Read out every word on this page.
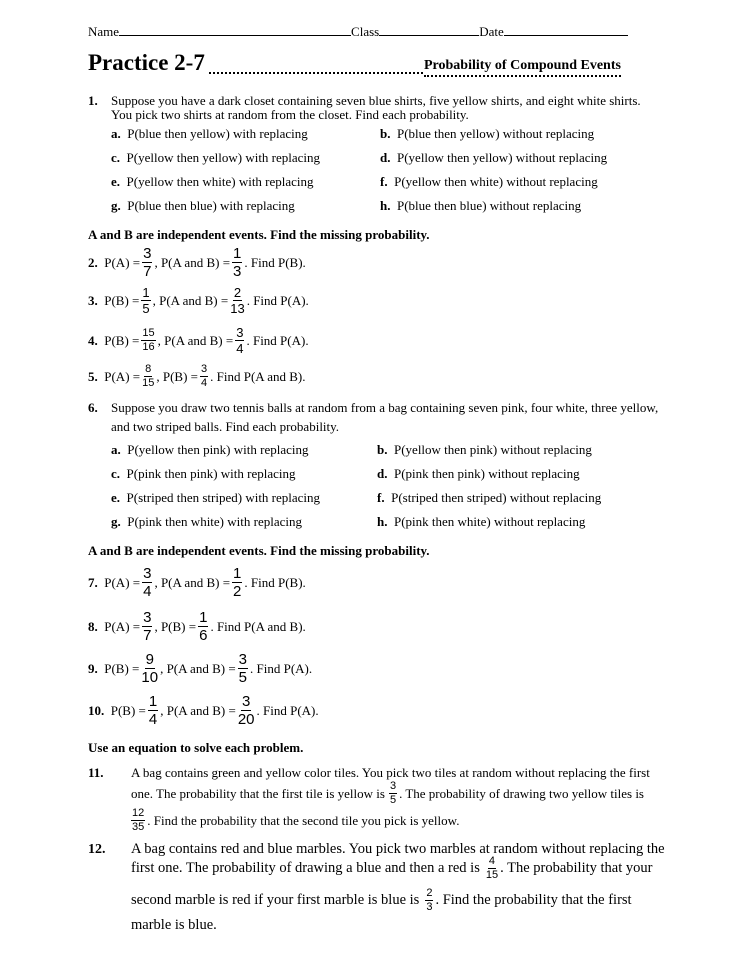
Name	Class	Date
Practice 2-7	Probability of Compound Events
1. Suppose you have a dark closet containing seven blue shirts, five yellow shirts, and eight white shirts.
You pick two shirts at random from the closet. Find each probability.
a. P(blue then yellow) with replacing	b. P(blue then yellow) without replacing
c. P(yellow then yellow) with replacing	d. P(yellow then yellow) without replacing
e. P(yellow then white) with replacing	f. P(yellow then white) without replacing
g. P(blue then blue) with replacing	h. P(blue then blue) without replacing
A and B are independent events. Find the missing probability.
2.
$P(A) = \frac{3}{7}$ , P(A and $B) = \frac{1}{3}$ . Find P(B).
3.
$P(B) = \frac{1}{5}$ , P(A and $B) = \frac{2}{13}$ . Find P(A).
4.
$P(B) = \frac{15}{16}$ , P(A and $B) = \frac{3}{4}$ . Find P(A).
5.
$P(A) = \frac{8}{15}$ , $P(B) = \frac{3}{4}$ . Find P(A and B).
6. Suppose you draw two tennis balls at random from a bag containing seven pink, four white, three yellow,
and two striped balls. Find each probability.
a. P(yellow then pink) with replacing	b. P(yellow then pink) without replacing
c. P(pink then pink) with replacing	d. P(pink then pink) without replacing
e. P(striped then striped) with replacing	f. P(striped then striped) without replacing
g. P(pink then white) with replacing	h. P(pink then white) without replacing
A and B are independent events. Find the missing probability.
7.
$P(A) = \frac{3}{4}$ , P(A and $B) = \frac{1}{2}$ . Find P(B).
8.
$P(A) = \frac{3}{7}$ , $P(B) = \frac{1}{6}$ . Find P(A and B).
9.
$P(B) = \frac{9}{10}$ , P(A and $B) = \frac{3}{5}$ . Find P(A).
10.
$P(B) = \frac{1}{4}$ , P(A and $B) = \frac{3}{20}$ . Find P(A).
Use an equation to solve each problem.
11. A bag contains green and yellow color tiles. You pick two tiles at random without replacing the first
one. The probability that the first tile is yellow is $\frac{3}{5}$ . The probability of drawing two yellow tiles is
$\frac{12}{35}$ . Find the probability that the second tile you pick is yellow.
12. A bag contains red and blue marbles. You pick two marbles at random without replacing the
first one. The probability of drawing a blue and then a red is $\frac{4}{15}$ . The probability that your
second marble is red if your first marble is blue is $\frac{2}{3}$ . Find the probability that the first
marble is blue.
